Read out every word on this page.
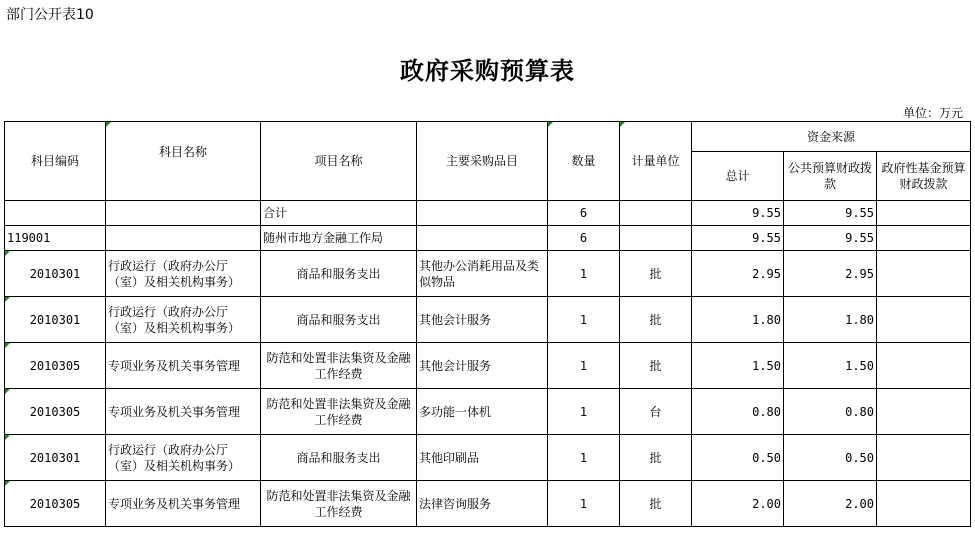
部门公开表10
政府采购预算表
单位：万元
科目编码	科目名称	项目名称	主要采购品目	数量	计量单位	资金来源		
						总计	公共预算财政拨款	政府性基金预算财政拨款
		合计		6		9.55	9.55	
119001		随州市地方金融工作局		6		9.55	9.55	
2010301	行政运行（政府办公厅（室）及相关机构事务）	商品和服务支出	其他办公消耗用品及类似物品	1	批	2.95	2.95	
2010301	行政运行（政府办公厅（室）及相关机构事务）	商品和服务支出	其他会计服务	1	批	1.80	1.80	
2010305	专项业务及机关事务管理	防范和处置非法集资及金融工作经费	其他会计服务	1	批	1.50	1.50	
2010305	专项业务及机关事务管理	防范和处置非法集资及金融工作经费	多功能一体机	1	台	0.80	0.80	
2010301	行政运行（政府办公厅（室）及相关机构事务）	商品和服务支出	其他印刷品	1	批	0.50	0.50	
2010305	专项业务及机关事务管理	防范和处置非法集资及金融工作经费	法律咨询服务	1	批	2.00	2.00	
